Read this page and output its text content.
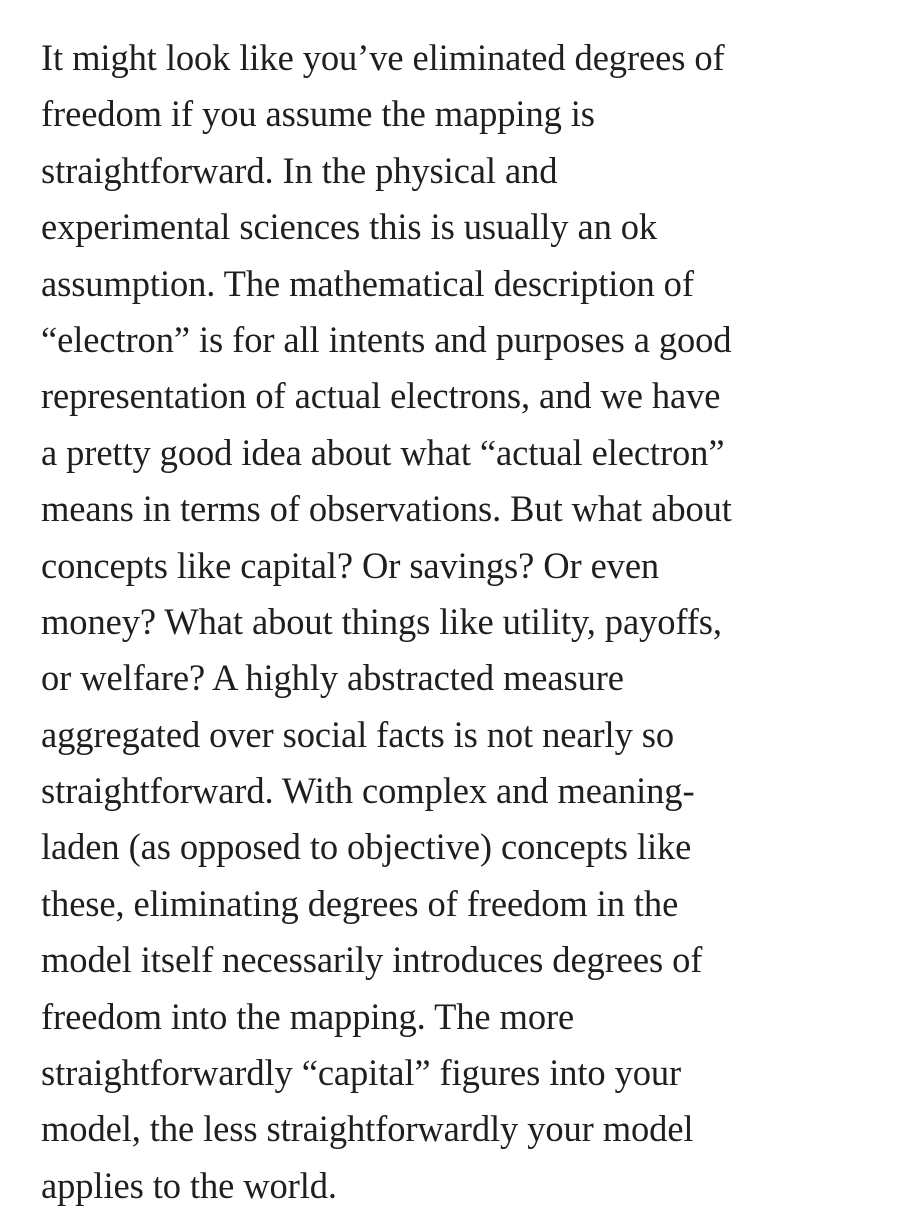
It might look like you’ve eliminated degrees of
freedom if you assume the mapping is
straightforward. In the physical and
experimental sciences this is usually an ok
assumption. The mathematical description of
“electron” is for all intents and purposes a good
representation of actual electrons, and we have
a pretty good idea about what “actual electron”
means in terms of observations. But what about
concepts like capital? Or savings? Or even
money? What about things like utility, payoffs,
or welfare? A highly abstracted measure
aggregated over social facts is not nearly so
straightforward. With complex and meaning-
laden (as opposed to objective) concepts like
these, eliminating degrees of freedom in the
model itself necessarily introduces degrees of
freedom into the mapping. The more
straightforwardly “capital” figures into your
model, the less straightforwardly your model
applies to the world.
